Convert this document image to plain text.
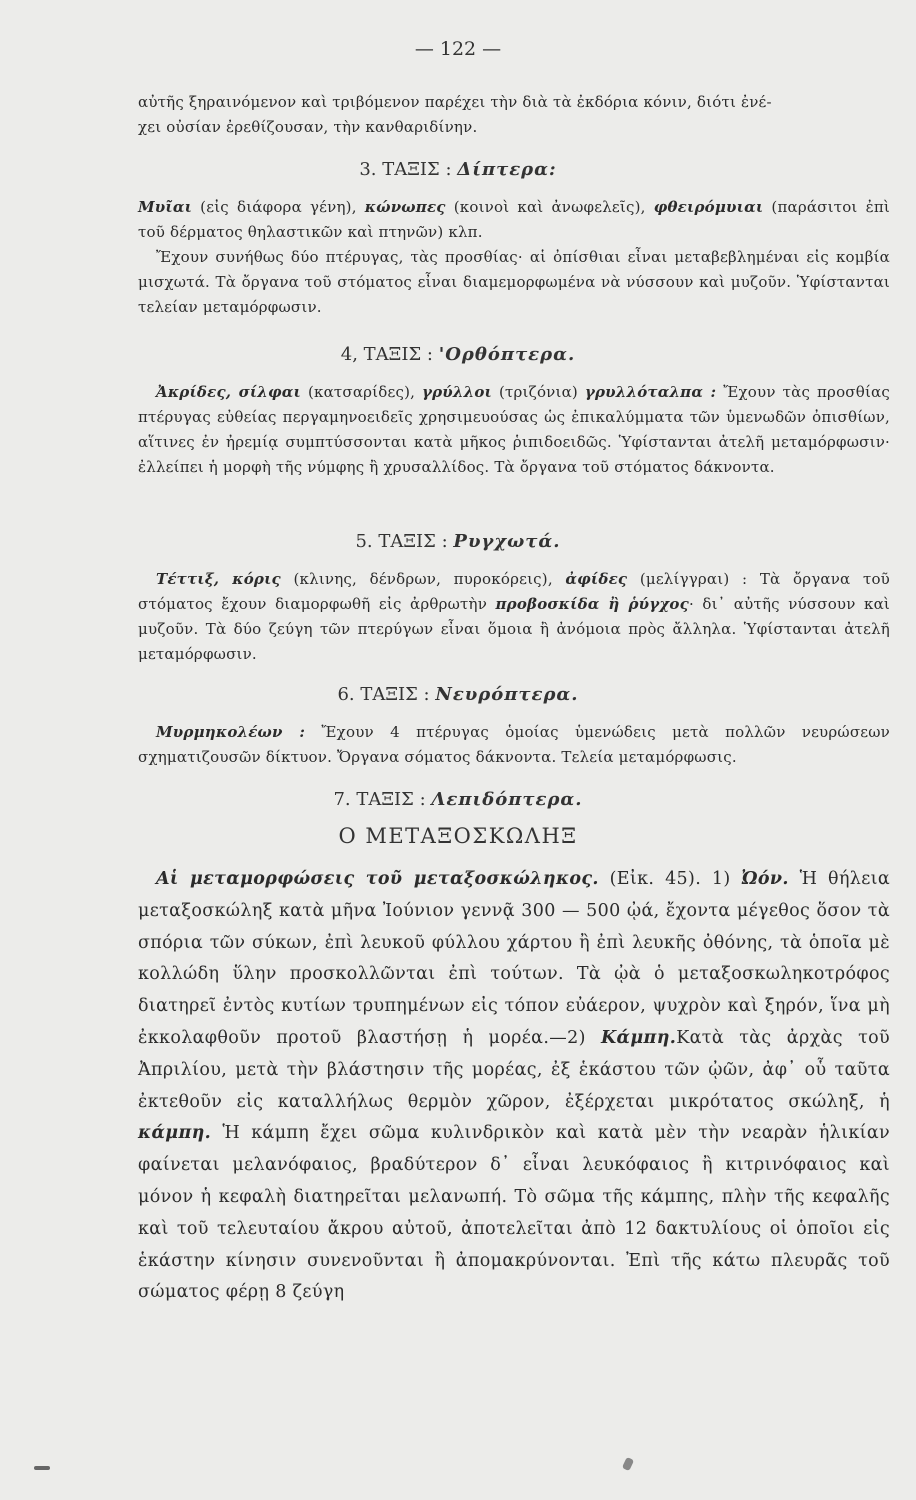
— 122 —

αὐτῆς ξηραινόμενον καὶ τριβόμενον παρέχει τὴν διὰ τὰ ἐκδόρια κόνιν, διότι ἐνέ-

χει οὐσίαν ἐρεθίζουσαν, τὴν κανθαριδίνην.

3. ΤΑΞΙΣ : Δίπτερα:

Μυῖαι (εἰς διάφορα γένη), κώνωπες (κοινοὶ καὶ ἀνωφελεῖς), φθειρόμυιαι (παράσιτοι ἐπὶ τοῦ δέρματος θηλαστικῶν καὶ πτηνῶν) κλπ.

Ἔχουν συνήθως δύο πτέρυγας, τὰς προσθίας· αἱ ὀπίσθιαι εἶναι μεταβεβλημέναι εἰς κομβία μισχωτά. Τὰ ὄργανα τοῦ στόματος εἶναι διαμεμορφωμένα νὰ νύσσουν καὶ μυζοῦν. Ὑφίστανται τελείαν μεταμόρφωσιν.

4, ΤΑΞΙΣ : 'Ορθόπτερα.

Ἀκρίδες, σίλφαι (κατσαρίδες), γρύλλοι (τριζόνια) γρυλλόταλπα : Ἔχουν τὰς προσθίας πτέρυγας εὐθείας περγαμηνοειδεῖς χρησιμευούσας ὡς ἐπικαλύμματα τῶν ὑμενωδῶν ὀπισθίων, αἵτινες ἐν ἠρεμίᾳ συμπτύσσονται κατὰ μῆκος ῥιπιδοειδῶς. Ὑφίστανται ἀτελῆ μεταμόρφωσιν· ἐλλείπει ἡ μορφὴ τῆς νύμφης ἢ χρυσαλλίδος. Τὰ ὄργανα τοῦ στόματος δάκνοντα.

5. ΤΑΞΙΣ : Ρυγχωτά.

Τέττιξ, κόρις (κλινης, δένδρων, πυροκόρεις), ἀφίδες (μελίγγραι) : Τὰ ὄργανα τοῦ στόματος ἔχουν διαμορφωθῆ εἰς ἀρθρωτὴν προβοσκίδα ἢ ῥύγχος· δι᾽ αὐτῆς νύσσουν καὶ μυζοῦν. Τὰ δύο ζεύγη τῶν πτερύγων εἶναι ὅμοια ἢ ἀνόμοια πρὸς ἄλληλα. Ὑφίστανται ἀτελῆ μεταμόρφωσιν.

6. ΤΑΞΙΣ : Νευρόπτερα.

Μυρμηκολέων : Ἔχουν 4 πτέρυγας ὁμοίας ὑμενώδεις μετὰ πολλῶν νευρώσεων σχηματιζουσῶν δίκτυον. Ὄργανα σόματος δάκνοντα. Τελεία μεταμόρφωσις.

7. ΤΑΞΙΣ : Λεπιδόπτερα.
Ο ΜΕΤΑΞΟΣΚΩΛΗΞ

Αἱ μεταμορφώσεις τοῦ μεταξοσκώληκος. (Εἰκ. 45). 1) Ὠόν. Ἡ θήλεια μεταξοσκώληξ κατὰ μῆνα Ἰούνιον γεννᾷ 300 — 500 ᾠά, ἔχοντα μέγεθος ὅσον τὰ σπόρια τῶν σύκων, ἐπὶ λευκοῦ φύλλου χάρτου ἢ ἐπὶ λευκῆς ὀθόνης, τὰ ὁποῖα μὲ κολλώδη ὕλην προσκολλῶνται ἐπὶ τούτων. Τὰ ᾠὰ ὁ μεταξοσκωληκοτρόφος διατηρεῖ ἐντὸς κυτίων τρυπημένων εἰς τόπον εὐάερον, ψυχρὸν καὶ ξηρόν, ἵνα μὴ ἐκκολαφθοῦν προτοῦ βλαστήσῃ ἡ μορέα.—2) Κάμπη.Κατὰ τὰς ἀρχὰς τοῦ Ἀπριλίου, μετὰ τὴν βλάστησιν τῆς μορέας, ἐξ ἑκάστου τῶν ᾠῶν, ἀφ᾽ οὗ ταῦτα ἐκτεθοῦν εἰς καταλλήλως θερμὸν χῶρον, ἐξέρχεται μικρότατος σκώληξ, ἡ κάμπη. Ἡ κάμπη ἔχει σῶμα κυλινδρικὸν καὶ κατὰ μὲν τὴν νεαρὰν ἡλικίαν φαίνεται μελανόφαιος, βραδύτερον δ᾽ εἶναι λευκόφαιος ἢ κιτρινόφαιος καὶ μόνον ἡ κεφαλὴ διατηρεῖται μελανωπή. Τὸ σῶμα τῆς κάμπης, πλὴν τῆς κεφαλῆς καὶ τοῦ τελευταίου ἄκρου αὐτοῦ, ἀποτελεῖται ἀπὸ 12 δακτυλίους οἱ ὁποῖοι εἰς ἑκάστην κίνησιν συνενοῦνται ἢ ἀπομακρύνονται. Ἐπὶ τῆς κάτω πλευρᾶς τοῦ σώματος φέρῃ 8 ζεύγη
